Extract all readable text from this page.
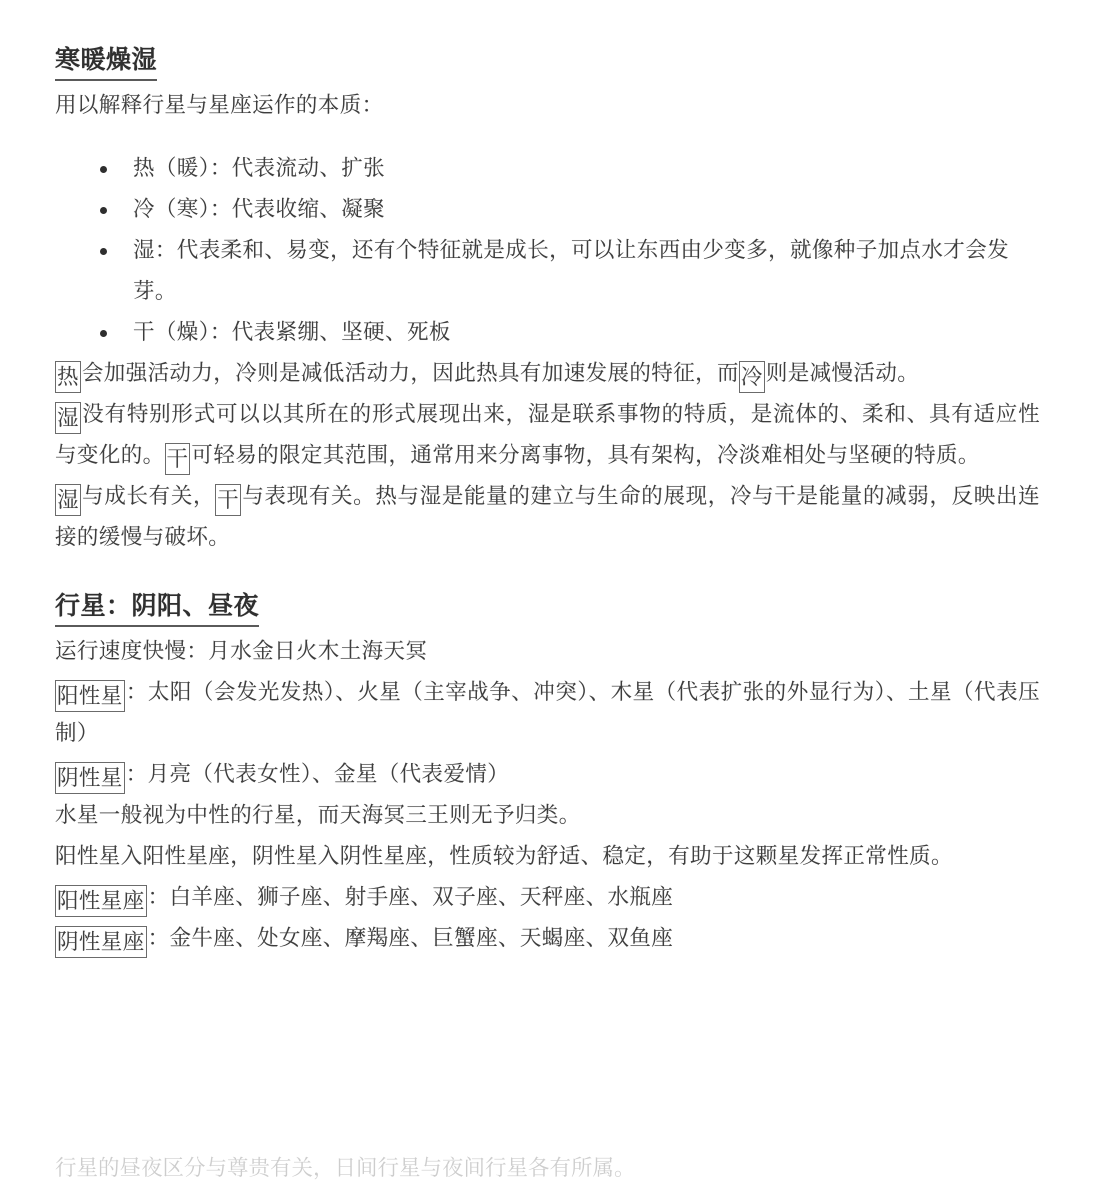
寒暖燥湿

用以解释行星与星座运作的本质：

热（暖）：代表流动、扩张
冷（寒）：代表收缩、凝聚
湿：代表柔和、易变，还有个特征就是成长，可以让东西由少变多，就像种子加点水才会发芽。
干（燥）：代表紧绷、坚硬、死板

热 会加强活动力，冷则是减低活动力，因此热具有加速发展的特征，而冷 则是减慢活动。

湿 没有特别形式可以以其所在的形式展现出来，湿是联系事物的特质，是流体的、柔和、具有适应性与变化的。干 可轻易的限定其范围，通常用来分离事物，具有架构，冷淡难相处与坚硬的特质。

湿 与成长有关，干 与表现有关。热与湿是能量的建立与生命的展现，冷与干是能量的减弱，反映出连接的缓慢与破坏。

行星：阴阳、昼夜

运行速度快慢：月水金日火木土海天冥

阳性星 ：太阳（会发光发热）、火星（主宰战争、冲突）、木星（代表扩张的外显行为）、土星（代表压制）

阴性星 ：月亮（代表女性）、金星（代表爱情）

水星一般视为中性的行星，而天海冥三王则无予归类。

阳性星入阳性星座，阴性星入阴性星座，性质较为舒适、稳定，有助于这颗星发挥正常性质。

阳性星座 ：白羊座、狮子座、射手座、双子座、天秤座、水瓶座

阴性星座 ：金牛座、处女座、摩羯座、巨蟹座、天蝎座、双鱼座

行星的昼夜区分与尊贵有关，日间行星与夜间行星各有所属。
